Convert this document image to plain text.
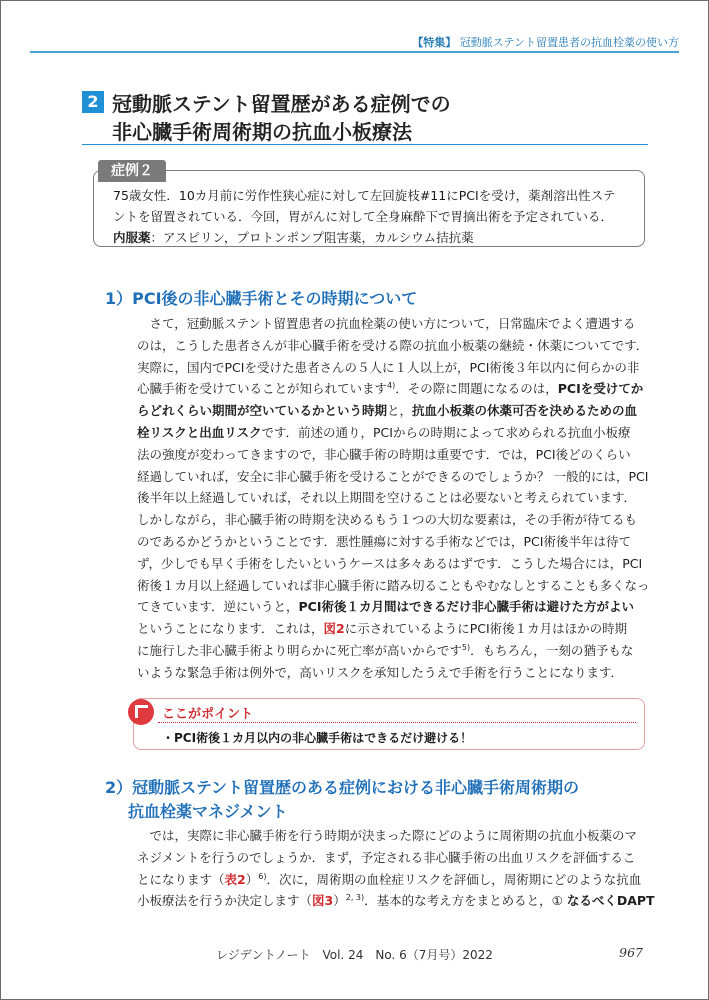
【特集】 冠動脈ステント留置患者の抗血栓薬の使い方
2 冠動脈ステント留置歴がある症例での
非心臓手術周術期の抗血小板療法
症例２
75歳女性．10カ月前に労作性狭心症に対して左回旋枝#11にPCIを受け，薬剤溶出性ステ
ントを留置されている．今回，胃がんに対して全身麻酔下で胃摘出術を予定されている．
内服薬：アスピリン，プロトンポンプ阻害薬，カルシウム拮抗薬
1）PCI後の非心臓手術とその時期について
　さて，冠動脈ステント留置患者の抗血栓薬の使い方について，日常臨床でよく遭遇する
のは，こうした患者さんが非心臓手術を受ける際の抗血小板薬の継続・休薬についてです．
実際に，国内でPCIを受けた患者さんの５人に１人以上が，PCI術後３年以内に何らかの非
心臓手術を受けていることが知られています$^{4)}$．その際に問題になるのは，PCIを受けてか
らどれくらい期間が空いているかという時期と，抗血小板薬の休薬可否を決めるための血
栓リスクと出血リスクです．前述の通り，PCIからの時期によって求められる抗血小板療
法の強度が変わってきますので，非心臓手術の時期は重要です．では，PCI後どのくらい
経過していれば，安全に非心臓手術を受けることができるのでしょうか？ 一般的には，PCI
後半年以上経過していれば，それ以上期間を空けることは必要ないと考えられています．
しかしながら，非心臓手術の時期を決めるもう１つの大切な要素は，その手術が待てるも
のであるかどうかということです．悪性腫瘍に対する手術などでは，PCI術後半年は待て
ず，少しでも早く手術をしたいというケースは多々あるはずです．こうした場合には，PCI
術後１カ月以上経過していれば非心臓手術に踏み切ることもやむなしとすることも多くなっ
てきています．逆にいうと，PCI術後１カ月間はできるだけ非心臓手術は避けた方がよい
ということになります．これは，図2に示されているようにPCI術後１カ月はほかの時期
に施行した非心臓手術より明らかに死亡率が高いからです$^{5)}$．もちろん，一刻の猶予もな
いような緊急手術は例外で，高いリスクを承知したうえで手術を行うことになります．
ここがポイント
・PCI術後１カ月以内の非心臓手術はできるだけ避ける！
2）冠動脈ステント留置歴のある症例における非心臓手術周術期の
抗血栓薬マネジメント
　では，実際に非心臓手術を行う時期が決まった際にどのように周術期の抗血小板薬のマ
ネジメントを行うのでしょうか．まず，予定される非心臓手術の出血リスクを評価するこ
とになります（表2）$^{6)}$．次に，周術期の血栓症リスクを評価し，周術期にどのような抗血
小板療法を行うか決定します（図3）$^{2, 3)}$．基本的な考え方をまとめると，① なるべくDAPT
レジデントノート　Vol. 24　No. 6（7月号）2022	967
